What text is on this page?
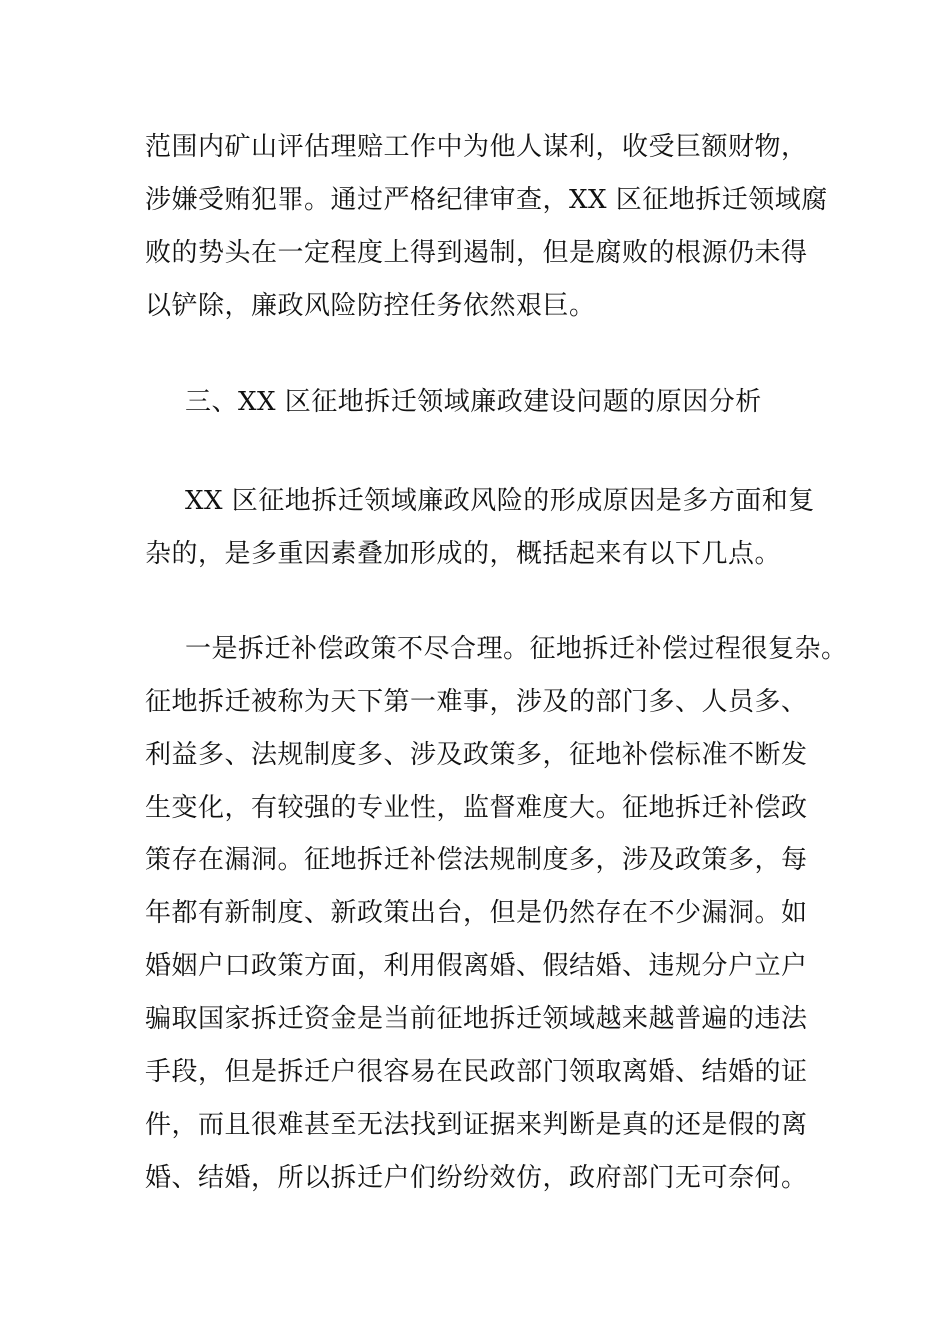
范围内矿山评估理赔工作中为他人谋利，收受巨额财物，
涉嫌受贿犯罪。通过严格纪律审查，XX 区征地拆迁领域腐
败的势头在一定程度上得到遏制，但是腐败的根源仍未得
以铲除，廉政风险防控任务依然艰巨。
三、XX 区征地拆迁领域廉政建设问题的原因分析
XX 区征地拆迁领域廉政风险的形成原因是多方面和复
杂的，是多重因素叠加形成的，概括起来有以下几点。
一是拆迁补偿政策不尽合理。征地拆迁补偿过程很复杂。
征地拆迁被称为天下第一难事，涉及的部门多、人员多、
利益多、法规制度多、涉及政策多，征地补偿标准不断发
生变化，有较强的专业性，监督难度大。征地拆迁补偿政
策存在漏洞。征地拆迁补偿法规制度多，涉及政策多，每
年都有新制度、新政策出台，但是仍然存在不少漏洞。如
婚姻户口政策方面，利用假离婚、假结婚、违规分户立户
骗取国家拆迁资金是当前征地拆迁领域越来越普遍的违法
手段，但是拆迁户很容易在民政部门领取离婚、结婚的证
件，而且很难甚至无法找到证据来判断是真的还是假的离
婚、结婚，所以拆迁户们纷纷效仿，政府部门无可奈何。
